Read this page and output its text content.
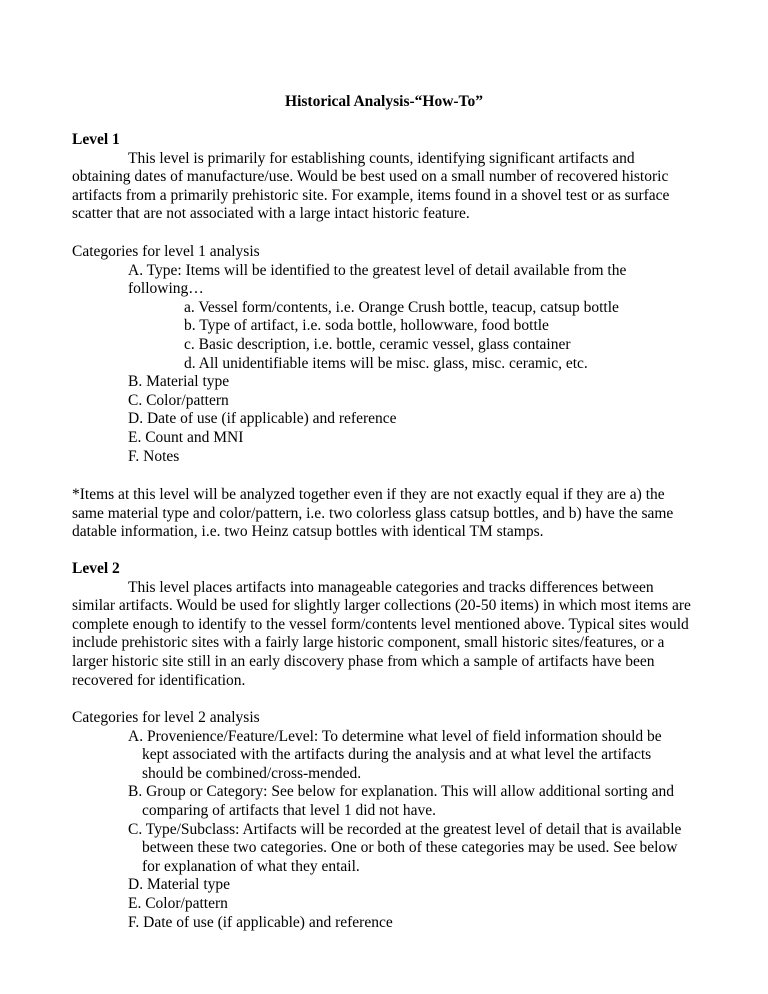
Historical Analysis-“How-To”

Level 1

This level is primarily for establishing counts, identifying significant artifacts and obtaining dates of manufacture/use. Would be best used on a small number of recovered historic artifacts from a primarily prehistoric site. For example, items found in a shovel test or as surface scatter that are not associated with a large intact historic feature.

Categories for level 1 analysis

A. Type: Items will be identified to the greatest level of detail available from the

following…

a. Vessel form/contents, i.e. Orange Crush bottle, teacup, catsup bottle

b. Type of artifact, i.e. soda bottle, hollowware, food bottle

c. Basic description, i.e. bottle, ceramic vessel, glass container

d. All unidentifiable items will be misc. glass, misc. ceramic, etc.

B. Material type

C. Color/pattern

D. Date of use (if applicable) and reference

E. Count and MNI

F. Notes

*Items at this level will be analyzed together even if they are not exactly equal if they are a) the same material type and color/pattern, i.e. two colorless glass catsup bottles, and b) have the same datable information, i.e. two Heinz catsup bottles with identical TM stamps.

Level 2

This level places artifacts into manageable categories and tracks differences between similar artifacts. Would be used for slightly larger collections (20-50 items) in which most items are complete enough to identify to the vessel form/contents level mentioned above. Typical sites would include prehistoric sites with a fairly large historic component, small historic sites/features, or a larger historic site still in an early discovery phase from which a sample of artifacts have been recovered for identification.

Categories for level 2 analysis

A. Provenience/Feature/Level: To determine what level of field information should be kept associated with the artifacts during the analysis and at what level the artifacts should be combined/cross-mended.

B. Group or Category: See below for explanation. This will allow additional sorting and comparing of artifacts that level 1 did not have.

C. Type/Subclass: Artifacts will be recorded at the greatest level of detail that is available between these two categories. One or both of these categories may be used. See below for explanation of what they entail.

D. Material type

E. Color/pattern

F. Date of use (if applicable) and reference
